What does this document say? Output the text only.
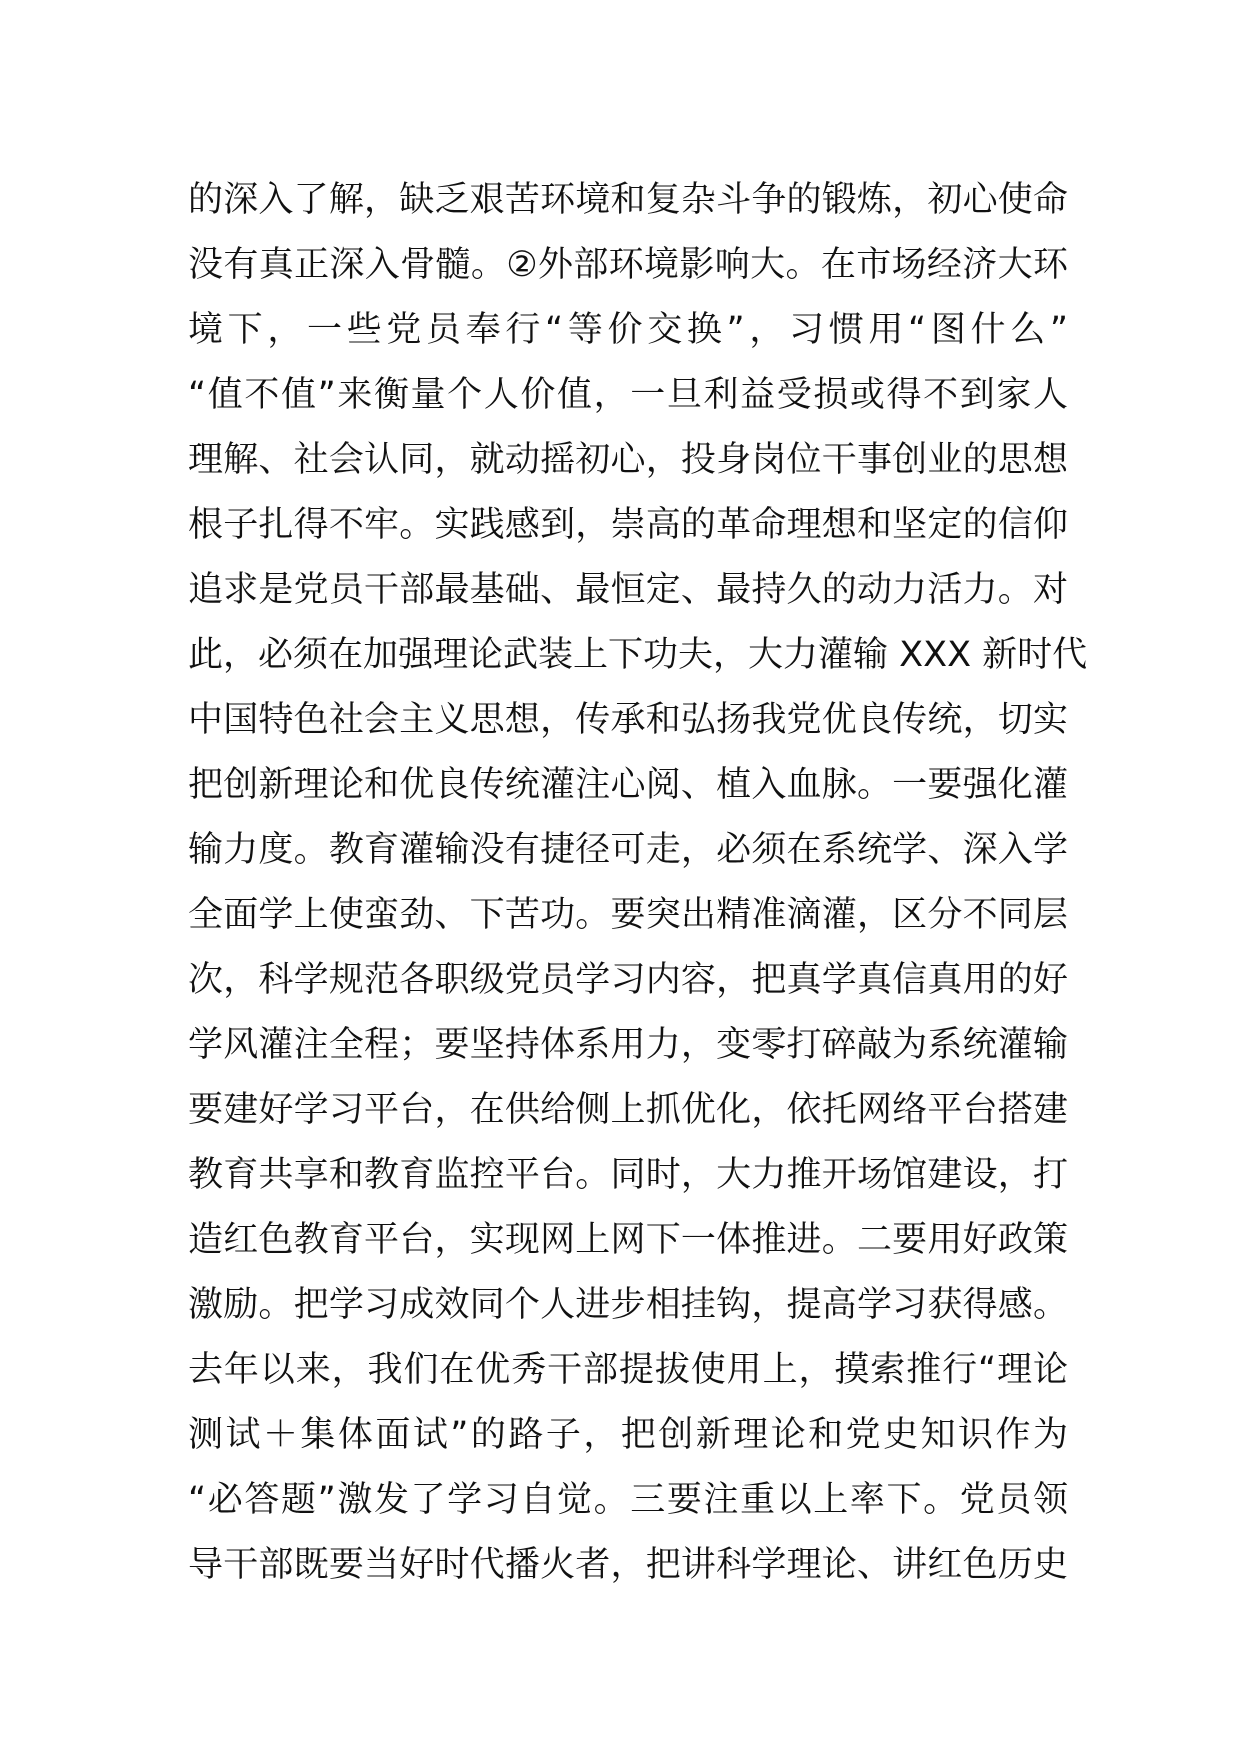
的深入了解，缺乏艰苦环境和复杂斗争的锻炼，初心使命
没有真正深入骨髓。②外部环境影响大。在市场经济大环
境下，一些党员奉行“等价交换”，习惯用“图什么”
“值不值”来衡量个人价值，一旦利益受损或得不到家人
理解、社会认同，就动摇初心，投身岗位干事创业的思想
根子扎得不牢。实践感到，崇高的革命理想和坚定的信仰
追求是党员干部最基础、最恒定、最持久的动力活力。对
此，必须在加强理论武装上下功夫，大力灌输 XXX 新时代
中国特色社会主义思想，传承和弘扬我党优良传统，切实
把创新理论和优良传统灌注心阅、植入血脉。一要强化灌
输力度。教育灌输没有捷径可走，必须在系统学、深入学
全面学上使蛮劲、下苦功。要突出精准滴灌，区分不同层
次，科学规范各职级党员学习内容，把真学真信真用的好
学风灌注全程；要坚持体系用力，变零打碎敲为系统灌输
要建好学习平台，在供给侧上抓优化，依托网络平台搭建
教育共享和教育监控平台。同时，大力推开场馆建设，打
造红色教育平台，实现网上网下一体推进。二要用好政策
激励。把学习成效同个人进步相挂钩，提高学习获得感。
去年以来，我们在优秀干部提拔使用上，摸索推行“理论
测试＋集体面试”的路子，把创新理论和党史知识作为
“必答题”激发了学习自觉。三要注重以上率下。党员领
导干部既要当好时代播火者，把讲科学理论、讲红色历史
